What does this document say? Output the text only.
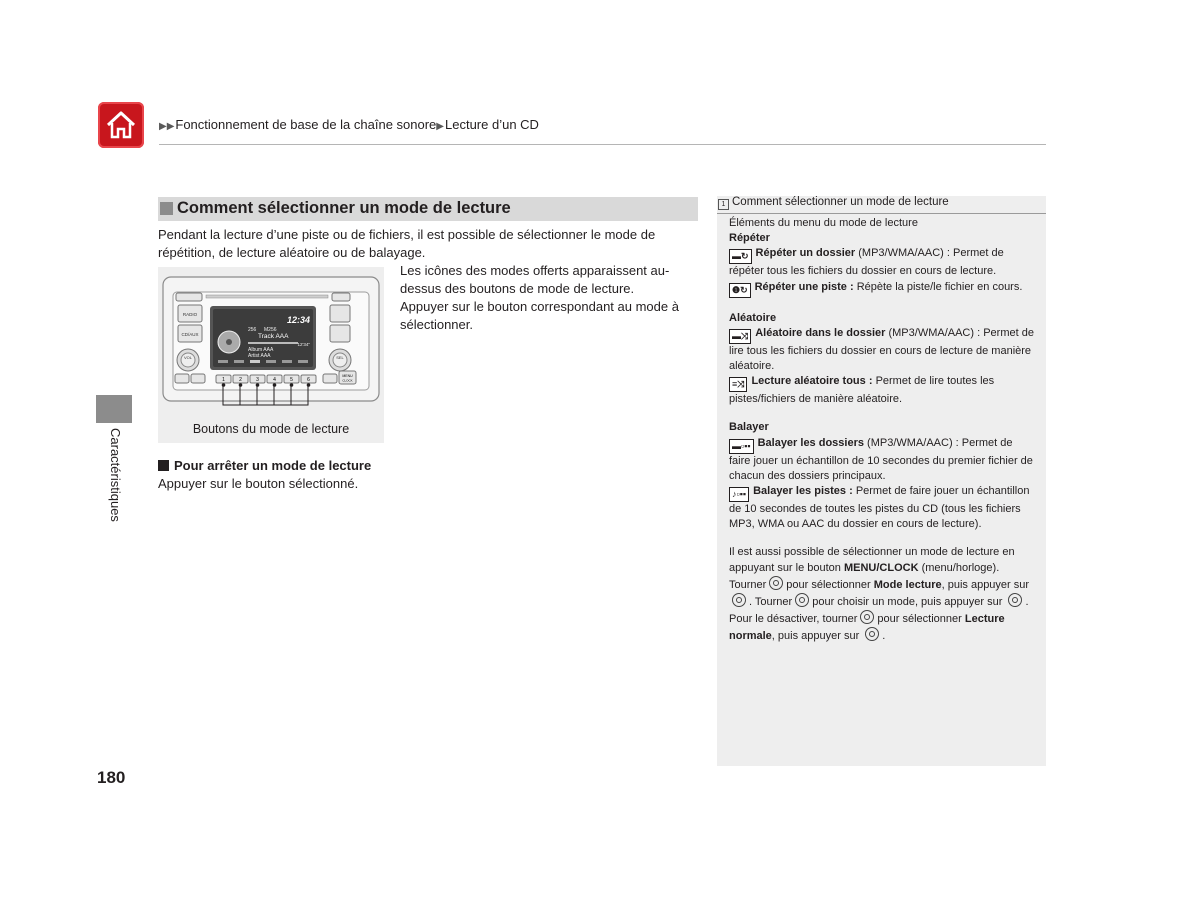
▶▶Fonctionnement de base de la chaîne sonore▶Lecture d’un CD
Caractéristiques
Comment sélectionner un mode de lecture
Pendant la lecture d’une piste ou de fichiers, il est possible de sélectionner le mode de répétition, de lecture aléatoire ou de balayage.
Les icônes des modes offerts apparaissent au-dessus des boutons de mode de lecture.
Appuyer sur le bouton correspondant au mode à sélectionner.
RADIO
CD/AUX
12:34
256 M256
Track AAA
12'34"
Album AAA
Artist AAA
VOL	SEL
1	2	3	4	5	6
MENU
CLOCK
Boutons du mode de lecture
Pour arrêter un mode de lecture
Appuyer sur le bouton sélectionné.
1 Comment sélectionner un mode de lecture

Éléments du menu du mode de lecture

Répéter

▬↻ Répéter un dossier (MP3/WMA/AAC) : Permet de répéter tous les fichiers du dossier en cours de lecture.

❶↻ Répéter une piste : Répète la piste/le fichier en cours.

Aléatoire

▬⤨ Aléatoire dans le dossier (MP3/WMA/AAC) : Permet de lire tous les fichiers du dossier en cours de lecture de manière aléatoire.

≡⤨ Lecture aléatoire tous : Permet de lire toutes les pistes/fichiers de manière aléatoire.

Balayer

▬▫▪▪ Balayer les dossiers (MP3/WMA/AAC) : Permet de faire jouer un échantillon de 10 secondes du premier fichier de chacun des dossiers principaux.

♪▫▪▪ Balayer les pistes : Permet de faire jouer un échantillon de 10 secondes de toutes les pistes du CD (tous les fichiers MP3, WMA ou AAC du dossier en cours de lecture).

Il est aussi possible de sélectionner un mode de lecture en appuyant sur le bouton MENU/CLOCK (menu/horloge). Tourner pour sélectionner Mode lecture, puis appuyer sur . Tourner pour choisir un mode, puis appuyer sur .

Pour le désactiver, tourner pour sélectionner Lecture normale, puis appuyer sur .

180
